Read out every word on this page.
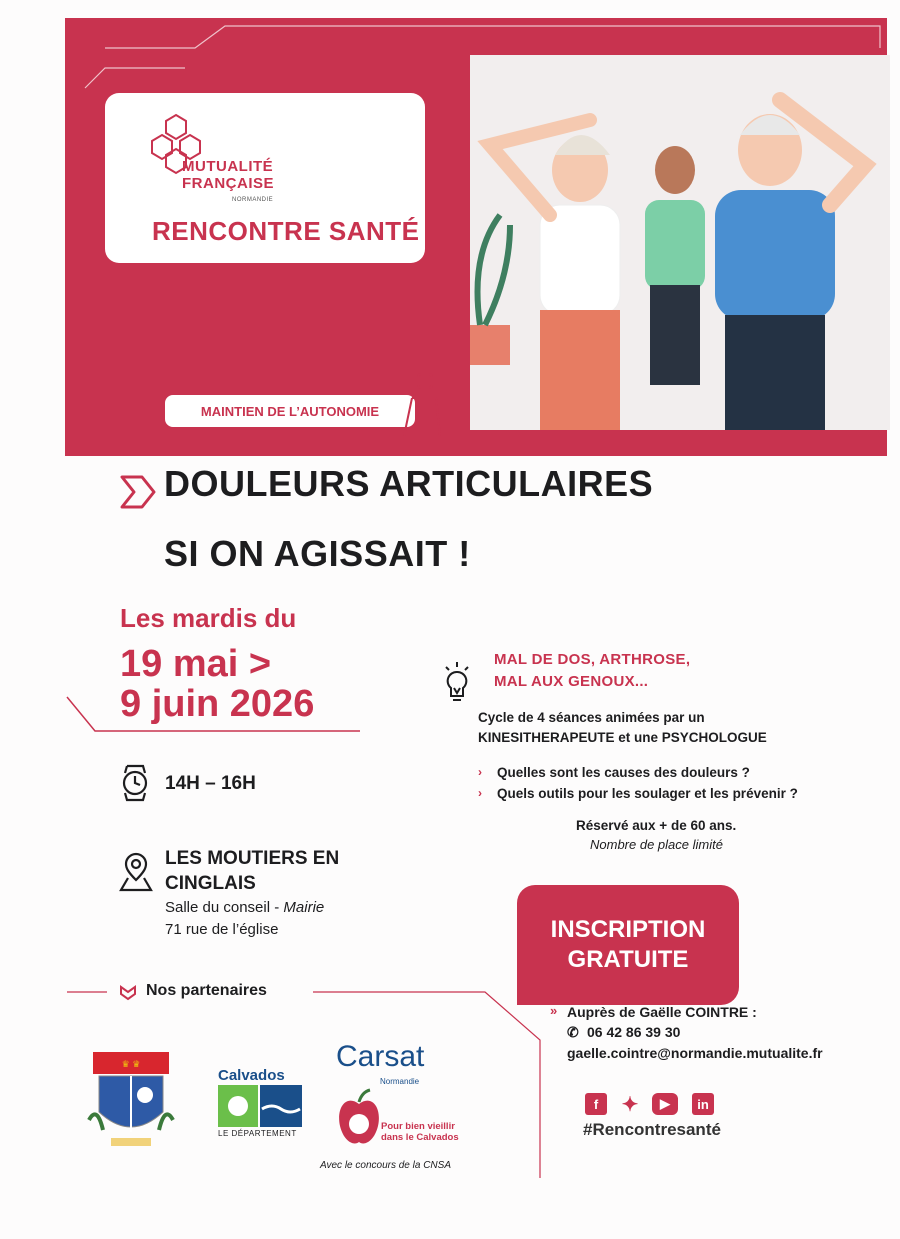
MUTUALITÉ
FRANÇAISE
NORMANDIE
RENCONTRE SANTÉ
MAINTIEN DE L’AUTONOMIE
DOULEURS ARTICULAIRES
SI ON AGISSAIT !
Les mardis du
19 mai >
9 juin 2026
14H – 16H
LES MOUTIERS EN
CINGLAIS
Salle du conseil - Mairie
71 rue de l’église
MAL DE DOS, ARTHROSE,
MAL AUX GENOUX...
Cycle de 4 séances animées par un
KINESITHERAPEUTE et une PSYCHOLOGUE
› Quelles sont les causes des douleurs ?
› Quels outils pour les soulager et les prévenir ?
Réservé aux + de 60 ans.
Nombre de place limité
INSCRIPTION
GRATUITE
» Auprès de Gaëlle COINTRE :
✆ 06 42 86 39 30
gaelle.cointre@normandie.mutualite.fr
f	✦	▶	in
#Rencontresanté
Nos partenaires
♛ ♛
Calvados
LE DÉPARTEMENT
Carsat
Normandie
Pour bien vieillir
dans le Calvados
Avec le concours de la CNSA
